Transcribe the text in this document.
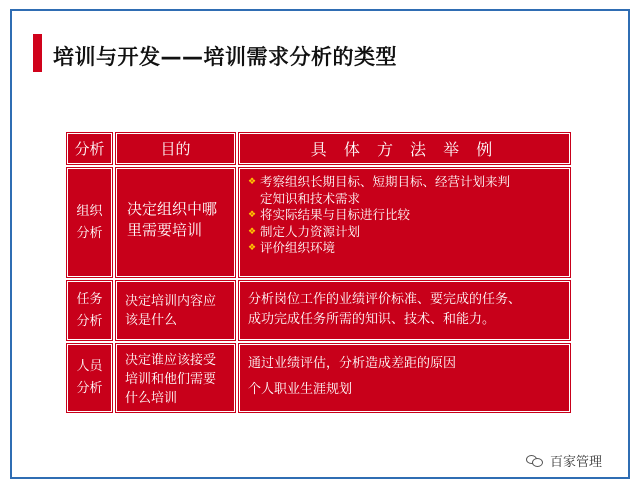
培训与开发——培训需求分析的类型
分析	目的	具 体 方 法 举 例
组织
分析
决定组织中哪
里需要培训
❖ 考察组织长期目标、短期目标、经营计划来判
定知识和技术需求
❖ 将实际结果与目标进行比较
❖ 制定人力资源计划
❖ 评价组织环境
任务
分析
决定培训内容应
该是什么
分析岗位工作的业绩评价标准、要完成的任务、
成功完成任务所需的知识、技术、和能力。
人员
分析
决定谁应该接受
培训和他们需要
什么培训
通过业绩评估，分析造成差距的原因
个人职业生涯规划
百家管理
